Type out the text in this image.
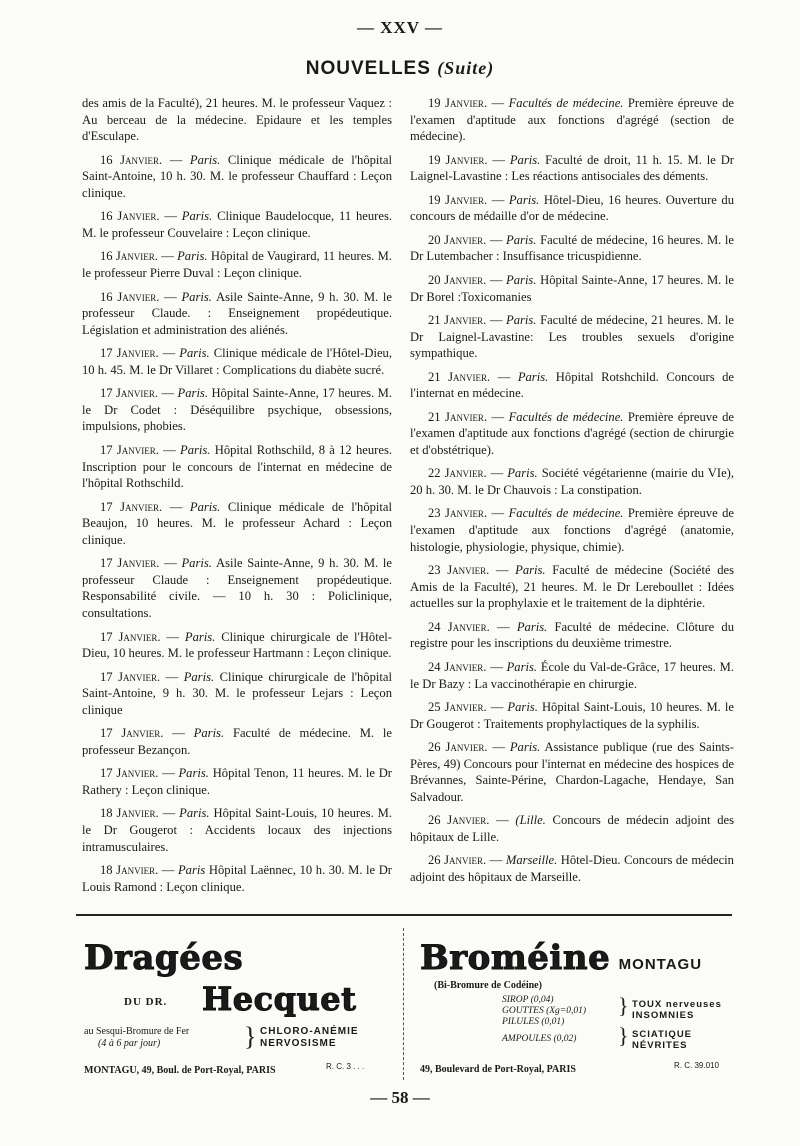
— XXV —
NOUVELLES (Suite)

des amis de la Faculté), 21 heures. M. le professeur Vaquez : Au berceau de la médecine. Epidaure et les temples d'Esculape.

16 Janvier. — Paris. Clinique médicale de l'hôpital Saint-Antoine, 10 h. 30. M. le professeur Chauffard : Leçon clinique.

16 Janvier. — Paris. Clinique Baudelocque, 11 heures. M. le professeur Couvelaire : Leçon clinique.

16 Janvier. — Paris. Hôpital de Vaugirard, 11 heures. M. le professeur Pierre Duval : Leçon clinique.

16 Janvier. — Paris. Asile Sainte-Anne, 9 h. 30. M. le professeur Claude. : Enseignement propédeutique. Législation et administration des aliénés.

17 Janvier. — Paris. Clinique médicale de l'Hôtel-Dieu, 10 h. 45. M. le Dr Villaret : Complications du diabète sucré.

17 Janvier. — Paris. Hôpital Sainte-Anne, 17 heures. M. le Dr Codet : Déséquilibre psychique, obsessions, impulsions, phobies.

17 Janvier. — Paris. Hôpital Rothschild, 8 à 12 heures. Inscription pour le concours de l'internat en médecine de l'hôpital Rothschild.

17 Janvier. — Paris. Clinique médicale de l'hôpital Beaujon, 10 heures. M. le professeur Achard : Leçon clinique.

17 Janvier. — Paris. Asile Sainte-Anne, 9 h. 30. M. le professeur Claude : Enseignement propédeutique. Responsabilité civile. — 10 h. 30 : Policlinique, consultations.

17 Janvier. — Paris. Clinique chirurgicale de l'Hôtel-Dieu, 10 heures. M. le professeur Hartmann : Leçon clinique.

17 Janvier. — Paris. Clinique chirurgicale de l'hôpital Saint-Antoine, 9 h. 30. M. le professeur Lejars : Leçon clinique

17 Janvier. — Paris. Faculté de médecine. M. le professeur Bezançon.

17 Janvier. — Paris. Hôpital Tenon, 11 heures. M. le Dr Rathery : Leçon clinique.

18 Janvier. — Paris. Hôpital Saint-Louis, 10 heures. M. le Dr Gougerot : Accidents locaux des injections intramusculaires.

18 Janvier. — Paris Hôpital Laënnec, 10 h. 30. M. le Dr Louis Ramond : Leçon clinique.

19 Janvier. — Facultés de médecine. Première épreuve de l'examen d'aptitude aux fonctions d'agrégé (section de médecine).

19 Janvier. — Paris. Faculté de droit, 11 h. 15. M. le Dr Laignel-Lavastine : Les réactions antisociales des déments.

19 Janvier. — Paris. Hôtel-Dieu, 16 heures. Ouverture du concours de médaille d'or de médecine.

20 Janvier. — Paris. Faculté de médecine, 16 heures. M. le Dr Lutembacher : Insuffisance tricuspidienne.

20 Janvier. — Paris. Hôpital Sainte-Anne, 17 heures. M. le Dr Borel :Toxicomanies

21 Janvier. — Paris. Faculté de médecine, 21 heures. M. le Dr Laignel-Lavastine: Les troubles sexuels d'origine sympathique.

21 Janvier. — Paris. Hôpital Rotshchild. Concours de l'internat en médecine.

21 Janvier. — Facultés de médecine. Première épreuve de l'examen d'aptitude aux fonctions d'agrégé (section de chirurgie et d'obstétrique).

22 Janvier. — Paris. Société végétarienne (mairie du VIe), 20 h. 30. M. le Dr Chauvois : La constipation.

23 Janvier. — Facultés de médecine. Première épreuve de l'examen d'aptitude aux fonctions d'agrégé (anatomie, histologie, physiologie, physique, chimie).

23 Janvier. — Paris. Faculté de médecine (Société des Amis de la Faculté), 21 heures. M. le Dr Lereboullet : Idées actuelles sur la prophylaxie et le traitement de la diphtérie.

24 Janvier. — Paris. Faculté de médecine. Clôture du registre pour les inscriptions du deuxième trimestre.

24 Janvier. — Paris. École du Val-de-Grâce, 17 heures. M. le Dr Bazy : La vaccinothérapie en chirurgie.

25 Janvier. — Paris. Hôpital Saint-Louis, 10 heures. M. le Dr Gougerot : Traitements prophylactiques de la syphilis.

26 Janvier. — Paris. Assistance publique (rue des Saints-Pères, 49) Concours pour l'internat en médecine des hospices de Brévannes, Sainte-Périne, Chardon-Lagache, Hendaye, San Salvadour.

26 Janvier. — (Lille. Concours de médecin adjoint des hôpitaux de Lille.

26 Janvier. — Marseille. Hôtel-Dieu. Concours de médecin adjoint des hôpitaux de Marseille.

Dragées
DU DR. Hecquet
au Sesqui-Bromure de Fer
(4 à 6 par jour)	} CHLORO-ANÉMIE
NERVOSISME
MONTAGU, 49, Boul. de Port-Royal, PARIS	R. C. 3 . . .
Broméine MONTAGU
(Bi-Bromure de Codéine)
SIROP (0,04)
GOUTTES (Xg=0,01)
PILULES (0,01)
AMPOULES (0,02)
}
}
TOUX nerveuses
INSOMNIES
SCIATIQUE
NÉVRITES
49, Boulevard de Port-Royal, PARIS	R. C. 39.010
— 58 —
